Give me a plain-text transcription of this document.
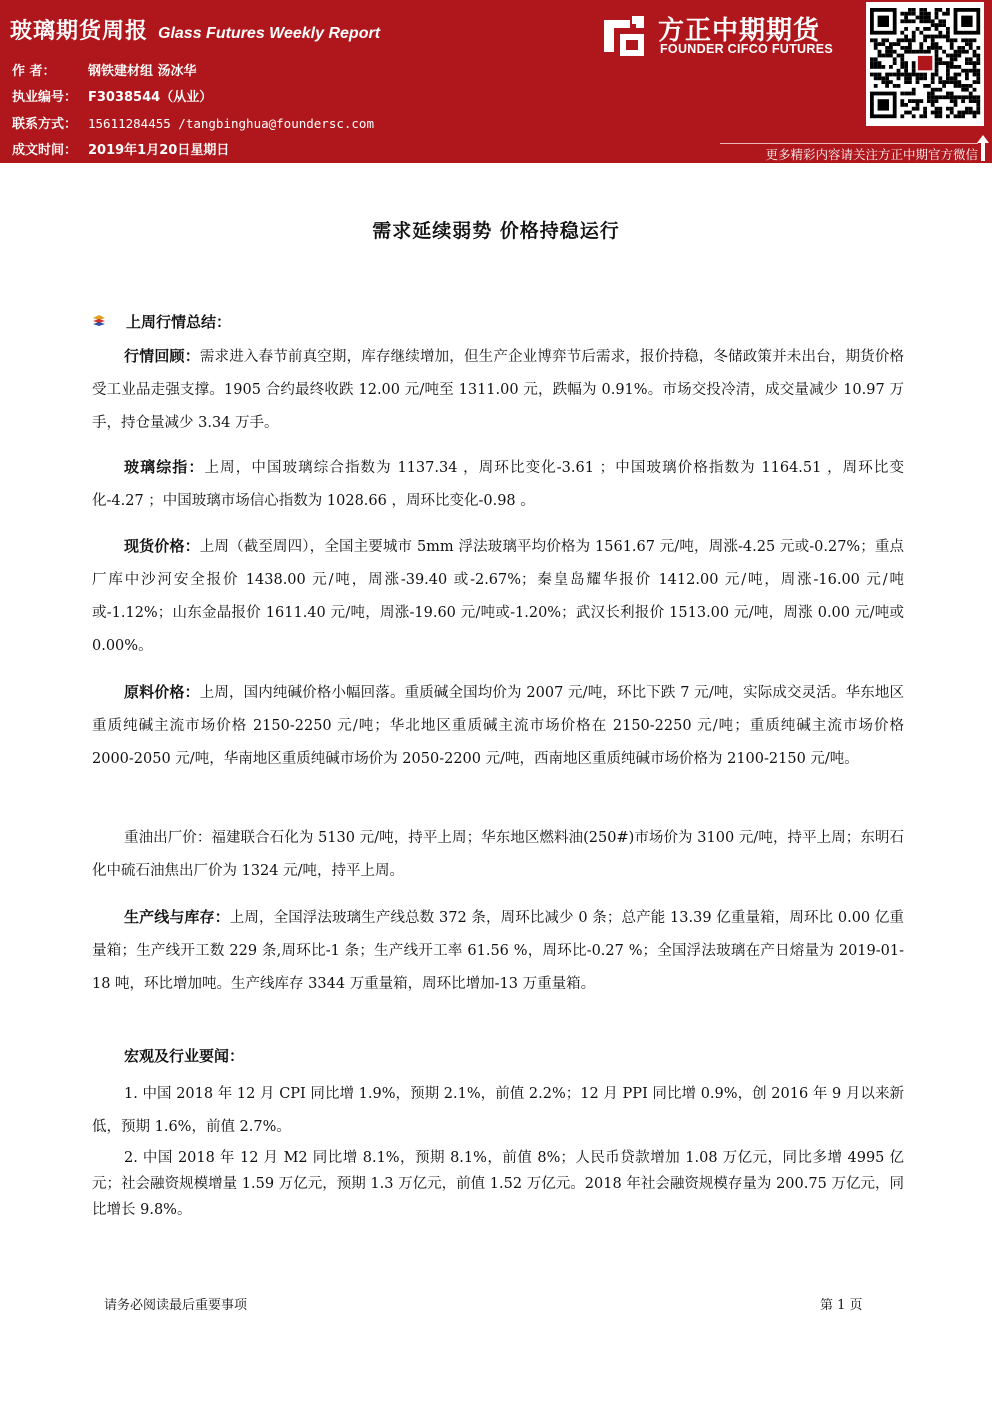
玻璃期货周报 Glass Futures Weekly Report
作 者： 钢铁建材组 汤冰华
执业编号： F3038544（从业）
联系方式： 15611284455 /tangbinghua@foundersc.com
成文时间： 2019年1月20日星期日
方正中期期货
FOUNDER CIFCO FUTURES
更多精彩内容请关注方正中期官方微信
需求延续弱势 价格持稳运行
上周行情总结：

行情回顾：需求进入春节前真空期，库存继续增加，但生产企业博弈节后需求，报价持稳，冬储政策并未出台，期货价格受工业品走强支撑。1905 合约最终收跌 12.00 元/吨至 1311.00 元，跌幅为 0.91%。市场交投冷清，成交量减少 10.97 万手，持仓量减少 3.34 万手。

玻璃综指：上周，中国玻璃综合指数为 1137.34 ，周环比变化-3.61 ；中国玻璃价格指数为 1164.51 ，周环比变化-4.27 ；中国玻璃市场信心指数为 1028.66 ，周环比变化-0.98 。

现货价格：上周（截至周四），全国主要城市 5mm 浮法玻璃平均价格为 1561.67 元/吨，周涨-4.25 元或-0.27%；重点厂库中沙河安全报价 1438.00 元/吨，周涨-39.40 或-2.67%；秦皇岛耀华报价 1412.00 元/吨，周涨-16.00 元/吨或-1.12%；山东金晶报价 1611.40 元/吨，周涨-19.60 元/吨或-1.20%；武汉长利报价 1513.00 元/吨，周涨 0.00 元/吨或 0.00%。

原料价格：上周，国内纯碱价格小幅回落。重质碱全国均价为 2007 元/吨，环比下跌 7 元/吨，实际成交灵活。华东地区重质纯碱主流市场价格 2150-2250 元/吨；华北地区重质碱主流市场价格在 2150-2250 元/吨；重质纯碱主流市场价格 2000-2050 元/吨，华南地区重质纯碱市场价为 2050-2200 元/吨，西南地区重质纯碱市场价格为 2100-2150 元/吨。

重油出厂价：福建联合石化为 5130 元/吨，持平上周；华东地区燃料油(250#)市场价为 3100 元/吨，持平上周；东明石化中硫石油焦出厂价为 1324 元/吨，持平上周。

生产线与库存：上周，全国浮法玻璃生产线总数 372 条，周环比减少 0 条；总产能 13.39 亿重量箱，周环比 0.00 亿重量箱；生产线开工数 229 条,周环比-1 条；生产线开工率 61.56 %，周环比-0.27 %；全国浮法玻璃在产日熔量为 2019-01-18 吨，环比增加吨。生产线库存 3344 万重量箱，周环比增加-13 万重量箱。

宏观及行业要闻：

1. 中国 2018 年 12 月 CPI 同比增 1.9%，预期 2.1%，前值 2.2%；12 月 PPI 同比增 0.9%，创 2016 年 9 月以来新低，预期 1.6%，前值 2.7%。

2. 中国 2018 年 12 月 M2 同比增 8.1%，预期 8.1%，前值 8%；人民币贷款增加 1.08 万亿元，同比多增 4995 亿元；社会融资规模增量 1.59 万亿元，预期 1.3 万亿元，前值 1.52 万亿元。2018 年社会融资规模存量为 200.75 万亿元，同比增长 9.8%。

请务必阅读最后重要事项	第 1 页
